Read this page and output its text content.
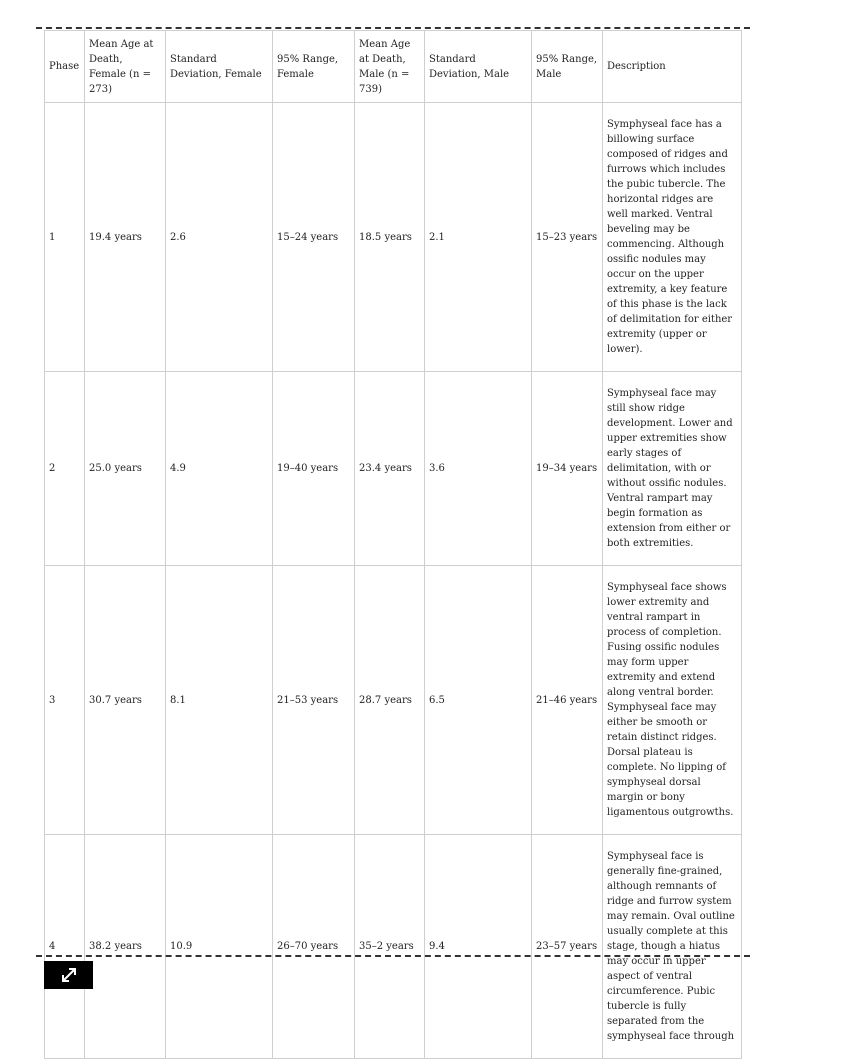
Phase	Mean Age at Death, Female (n = 273)	Standard Deviation, Female	95% Range, Female	Mean Age at Death, Male (n = 739)	Standard Deviation, Male	95% Range, Male	Description
1	19.4 years	2.6	15–24 years	18.5 years	2.1	15–23 years	Symphyseal face has a billowing surface composed of ridges and furrows which includes the pubic tubercle. The horizontal ridges are well marked. Ventral beveling may be commencing. Although ossific nodules may occur on the upper extremity, a key feature of this phase is the lack of delimitation for either extremity (upper or lower).
2	25.0 years	4.9	19–40 years	23.4 years	3.6	19–34 years	Symphyseal face may still show ridge development. Lower and upper extremities show early stages of delimitation, with or without ossific nodules. Ventral rampart may begin formation as extension from either or both extremities.
3	30.7 years	8.1	21–53 years	28.7 years	6.5	21–46 years	Symphyseal face shows lower extremity and ventral rampart in process of completion. Fusing ossific nodules may form upper extremity and extend along ventral border. Symphyseal face may either be smooth or retain distinct ridges. Dorsal plateau is complete. No lipping of symphyseal dorsal margin or bony ligamentous outgrowths.
4	38.2 years	10.9	26–70 years	35–2 years	9.4	23–57 years	Symphyseal face is generally fine-grained, although remnants of ridge and furrow system may remain. Oval outline usually complete at this stage, though a hiatus may occur in upper aspect of ventral circumference. Pubic tubercle is fully separated from the symphyseal face through
